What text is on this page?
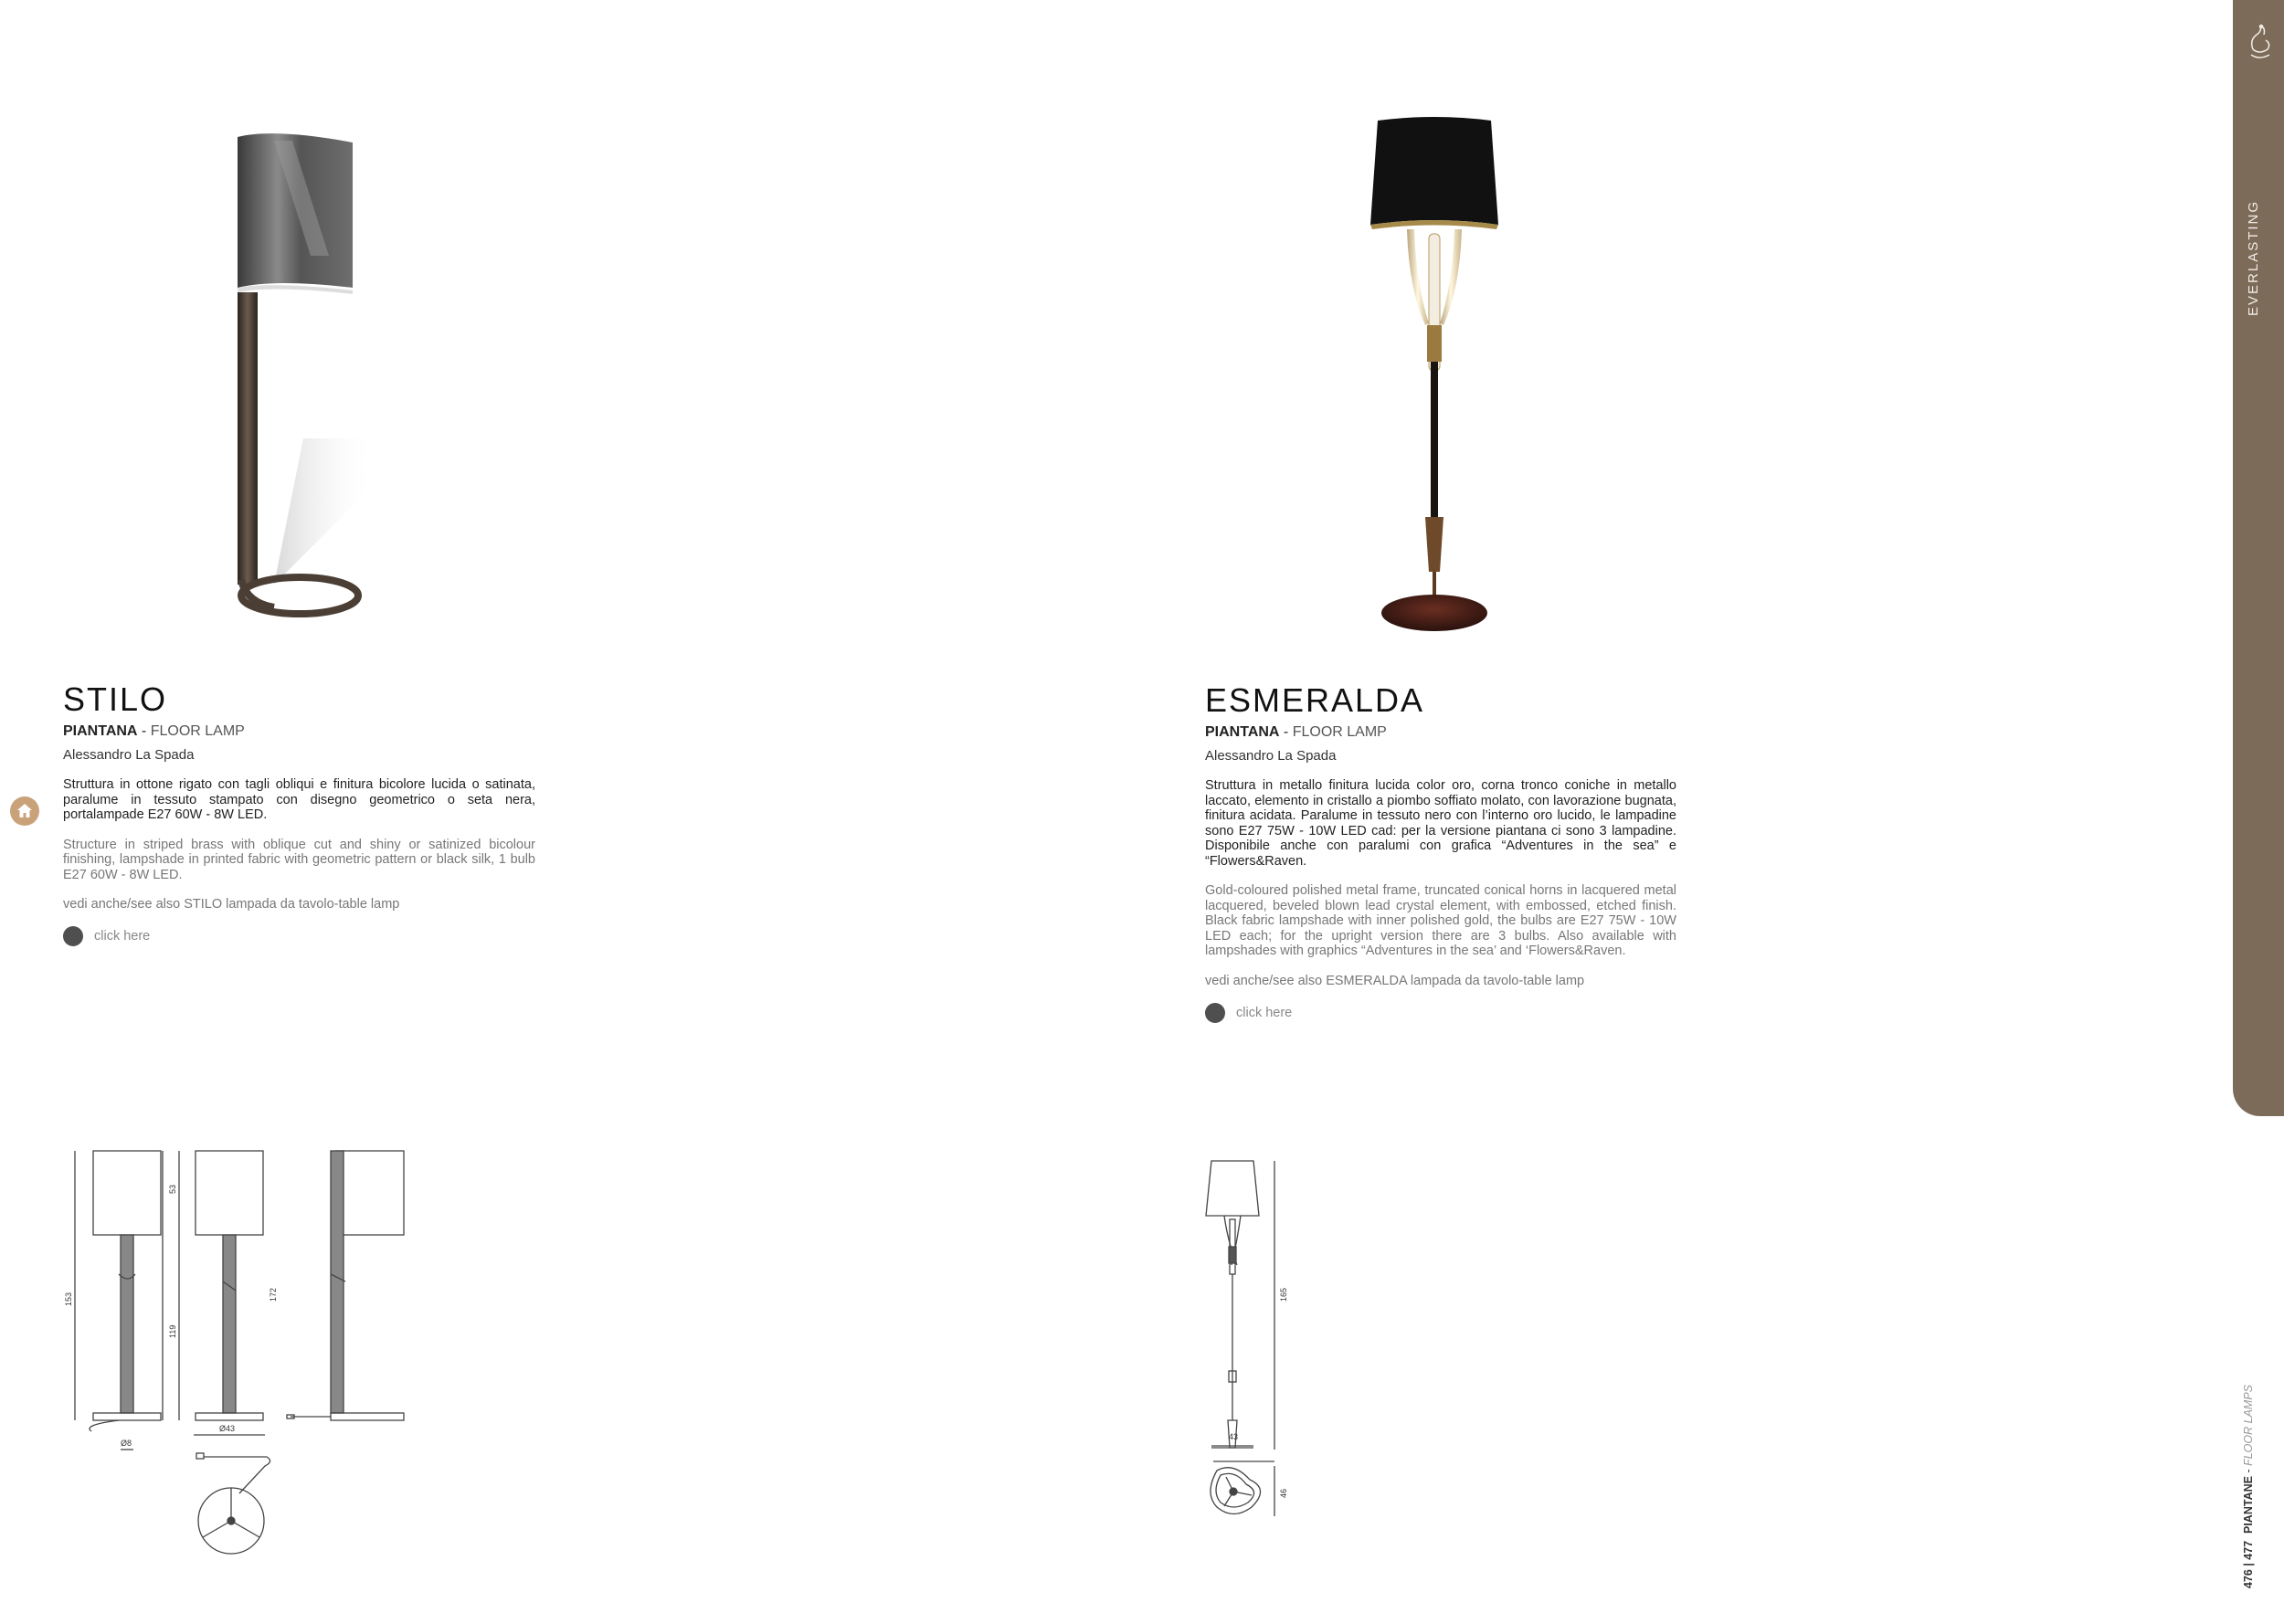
STILO
PIANTANA - FLOOR LAMP
Alessandro La Spada
Struttura in ottone rigato con tagli obliqui e finitura bicolore lucida o satinata, paralume in tessuto stampato con disegno geometrico o seta nera, portalampade E27 60W - 8W LED.
Structure in striped brass with oblique cut and shiny or satinized bicolour finishing, lampshade in printed fabric with geometric pattern or black silk, 1 bulb E27 60W - 8W LED.
vedi anche/see also STILO lampada da tavolo-table lamp
click here
ESMERALDA
PIANTANA - FLOOR LAMP
Alessandro La Spada
Struttura in metallo finitura lucida color oro, corna tronco coniche in metallo laccato, elemento in cristallo a piombo soffiato molato, con lavorazione bugnata, finitura acidata. Paralume in tessuto nero con l’interno oro lucido, le lampadine sono E27 75W - 10W LED cad: per la versione piantana ci sono 3 lampadine. Disponibile anche con paralumi con grafica “Adventures in the sea” e “Flowers&Raven.
Gold-coloured polished metal frame, truncated conical horns in lacquered metal lacquered, beveled blown lead crystal element, with embossed, etched finish. Black fabric lampshade with inner polished gold, the bulbs are E27 75W - 10W LED each; for the upright version there are 3 bulbs. Also available with lampshades with graphics “Adventures in the sea’ and ‘Flowers&Raven.
vedi anche/see also ESMERALDA lampada da tavolo-table lamp
click here
153
53
119
172
Ø43
Ø8
165
43
46
EVERLASTING
476 | 477
PIANTANE - FLOOR LAMPS
